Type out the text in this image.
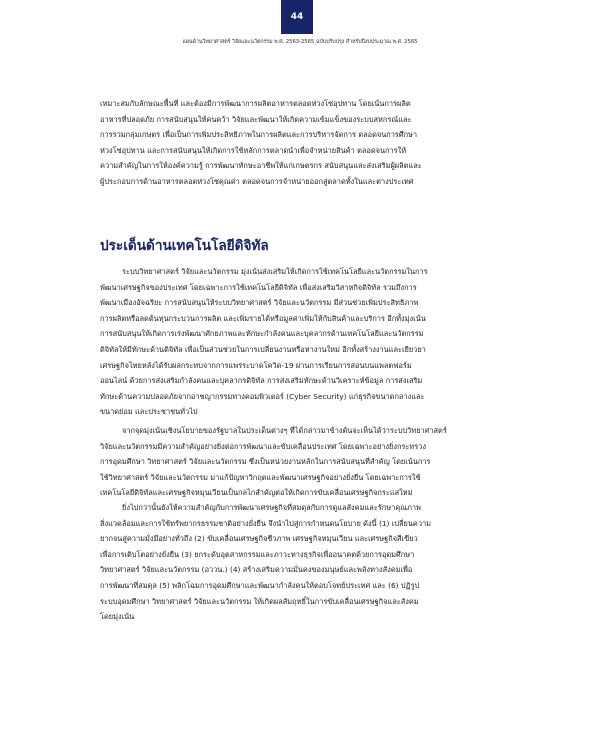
44
แผนด้านวิทยาศาสตร์ วิจัยและนวัตกรรม พ.ศ. 2563-2565 ฉบับปรับปรุง สำหรับปีงบประมาณ พ.ศ. 2565
เหมาะสมกับลักษณะพื้นที่ และต้องมีการพัฒนาการผลิตอาหารตลอดห่วงโซ่อุปทาน โดยเน้นการผลิต
อาหารที่ปลอดภัย การสนับสนุนให้คนคว้า วิจัยและพัฒนาให้เกิดความเข้มแข็งของระบบสหกรณ์และ
การรวมกลุ่มเกษตร เพื่อเป็นการเพิ่มประสิทธิภาพในการผลิตและการบริหารจัดการ ตลอดจนการศึกษา
ห่วงโซ่อุปทาน และการสนับสนุนให้เกิดการใช้หลักการตลาดนำเพื่อจำหน่ายสินค้า ตลอดจนการให้
ความสำคัญในการให้องค์ความรู้ การพัฒนาทักษะอาชีพให้แก่เกษตรกร สนับสนุนและส่งเสริมผู้ผลิตและ
ผู้ประกอบการด้านอาหารตลอดห่วงโซ่คุณค่า ตลอดจนการจำหน่ายออกสู่ตลาดทั้งในและต่างประเทศ
ประเด็นด้านเทคโนโลยีดิจิทัล
ระบบวิทยาศาสตร์ วิจัยและนวัตกรรม มุ่งเน้นส่งเสริมให้เกิดการใช้เทคโนโลยีและนวัตกรรมในการ
พัฒนาเศรษฐกิจของประเทศ โดยเฉพาะการใช้เทคโนโลยีดิจิทัล เพื่อส่งเสริมวิสาหกิจดิจิทัล รวมถึงการ
พัฒนาเมืองอัจฉริยะ การสนับสนุนให้ระบบวิทยาศาสตร์ วิจัยและนวัตกรรม มีส่วนช่วยเพิ่มประสิทธิภาพ
การผลิตหรือลดต้นทุนกระบวนการผลิต และเพิ่มรายได้หรือมูลค่าเพิ่มให้กับสินค้าและบริการ อีกทั้งมุ่งเน้น
การสนับสนุนให้เกิดการเร่งพัฒนาศักยภาพและทักษะกำลังคนและบุคลากรด้านเทคโนโลยีและนวัตกรรม
ดิจิทัลให้มีทักษะด้านดิจิทัล เพื่อเป็นส่วนช่วยในการเปลี่ยนงานหรือหางานใหม่ อีกทั้งสร้างงานและเยียวยา
เศรษฐกิจไทยหลังได้รับผลกระทบจากการแพร่ระบาดโควิด-19 ผ่านการเรียนการสอนบนแพลตฟอร์ม
ออนไลน์ ด้วยการส่งเสริมกำลังคนและบุคลากรดิจิทัล การส่งเสริมทักษะด้านวิเคราะห์ข้อมูล การส่งเสริม
ทักษะด้านความปลอดภัยจากอาชญากรรมทางคอมพิวเตอร์ (Cyber Security) แก่ธุรกิจขนาดกลางและ
ขนาดย่อม และประชาชนทั่วไป
จากจุดมุ่งเน้นเชิงนโยบายของรัฐบาลในประเด็นต่างๆ ที่ได้กล่าวมาข้างต้นจะเห็นได้ว่าระบบวิทยาศาสตร์
วิจัยและนวัตกรรมมีความสำคัญอย่างยิ่งต่อการพัฒนาและขับเคลื่อนประเทศ โดยเฉพาะอย่างยิ่งกระทรวง
การอุดมศึกษา วิทยาศาสตร์ วิจัยและนวัตกรรม ซึ่งเป็นหน่วยงานหลักในการสนับสนุนที่สำคัญ โดยเน้นการ
ใช้วิทยาศาสตร์ วิจัยและนวัตกรรม มาแก้ปัญหาวิกฤตและพัฒนาเศรษฐกิจอย่างยั่งยืน โดยเฉพาะการใช้
เทคโนโลยีดิจิทัลและเศรษฐกิจหมุนเวียนเป็นกลไกสำคัญต่อให้เกิดการขับเคลื่อนเศรษฐกิจกระแสใหม่
ยิ่งไปกว่านั้นยังให้ความสำคัญกับการพัฒนาเศรษฐกิจที่สมดุลกับการดูแลสังคมและรักษาคุณภาพ
สิ่งแวดล้อมและการใช้ทรัพยากรธรรมชาติอย่างยั่งยืน จึงนำไปสู่การกำหนดนโยบาย ดังนี้ (1) เปลี่ยนความ
ยากจนสู่ความมั่งมีอย่างทั่วถึง (2) ขับเคลื่อนเศรษฐกิจชีวภาพ เศรษฐกิจหมุนเวียน และเศรษฐกิจสีเขียว
เพื่อการเติบโตอย่างยั่งยืน (3) ยกระดับอุตสาหกรรมและภาวะทางธุรกิจเพื่ออนาคตด้วยการอุดมศึกษา
วิทยาศาสตร์ วิจัยและนวัตกรรม (อววน.) (4) สร้างเสริมความมั่นคงของมนุษย์และพลังทางสังคมเพื่อ
การพัฒนาที่สมดุล (5) พลิกโฉมการอุดมศึกษาและพัฒนากำลังคนให้ตอบโจทย์ประเทศ และ (6) ปฏิรูป
ระบบอุดมศึกษา วิทยาศาสตร์ วิจัยและนวัตกรรม ให้เกิดผลสัมฤทธิ์ในการขับเคลื่อนเศรษฐกิจและสังคม
โดยมุ่งเน้น
